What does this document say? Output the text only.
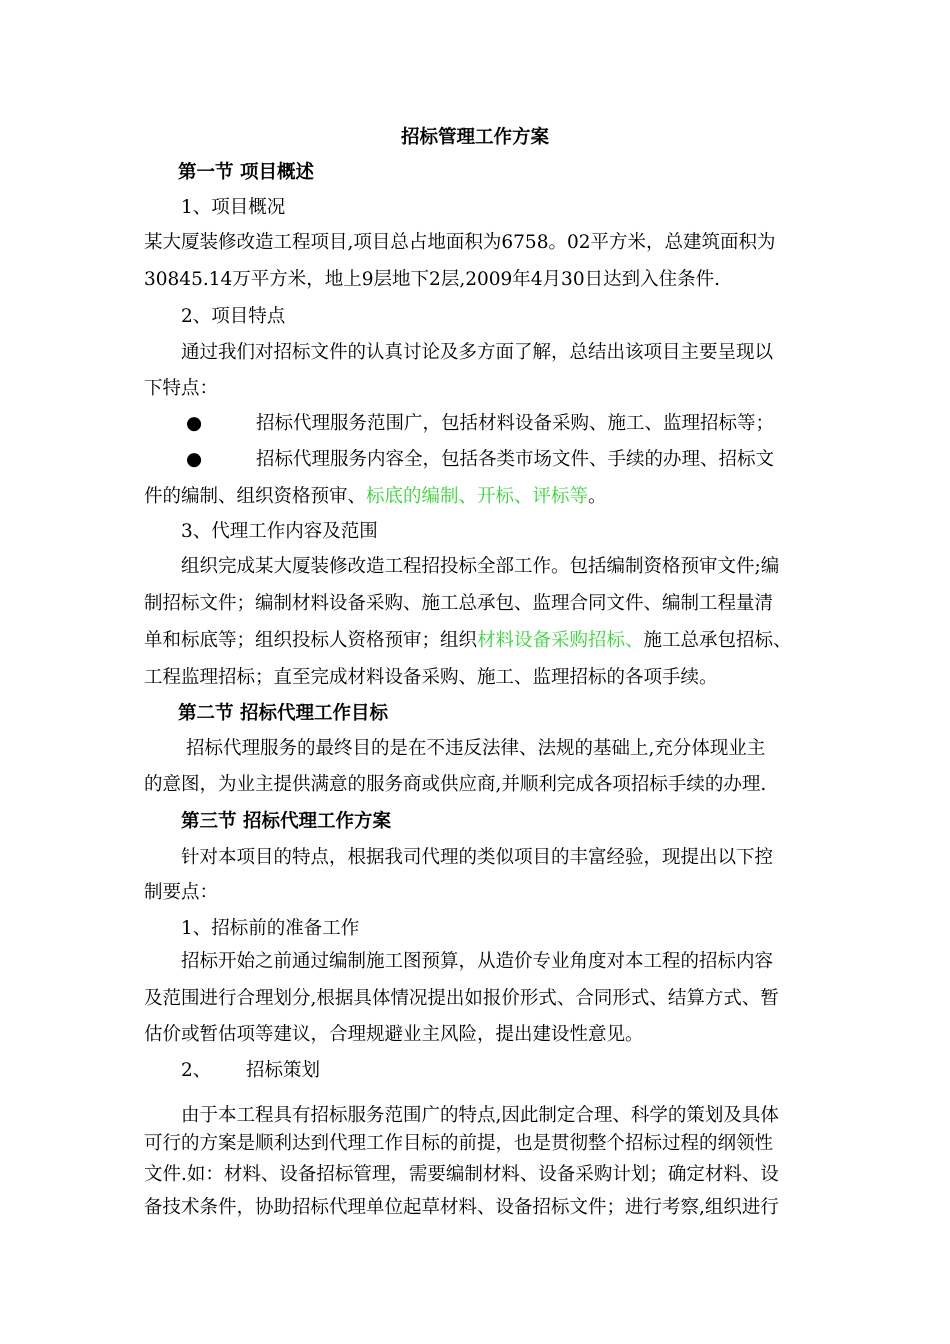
招标管理工作方案
第一节 项目概述
1、项目概况
某大厦装修改造工程项目,项目总占地面积为6758。02平方米，总建筑面积为
30845.14万平方米，地上9层地下2层,2009年4月30日达到入住条件.
2、项目特点
通过我们对招标文件的认真讨论及多方面了解，总结出该项目主要呈现以
下特点：
●	招标代理服务范围广，包括材料设备采购、施工、监理招标等；
●	招标代理服务内容全，包括各类市场文件、手续的办理、招标文
件的编制、组织资格预审、标底的编制、开标、评标等。
3、代理工作内容及范围
组织完成某大厦装修改造工程招投标全部工作。包括编制资格预审文件;编
制招标文件；编制材料设备采购、施工总承包、监理合同文件、编制工程量清
单和标底等；组织投标人资格预审；组织材料设备采购招标、施工总承包招标、
工程监理招标；直至完成材料设备采购、施工、监理招标的各项手续。
第二节 招标代理工作目标
招标代理服务的最终目的是在不违反法律、法规的基础上,充分体现业主
的意图，为业主提供满意的服务商或供应商,并顺利完成各项招标手续的办理.
第三节 招标代理工作方案
针对本项目的特点，根据我司代理的类似项目的丰富经验，现提出以下控
制要点：
1、招标前的准备工作
招标开始之前通过编制施工图预算，从造价专业角度对本工程的招标内容
及范围进行合理划分,根据具体情况提出如报价形式、合同形式、结算方式、暂
估价或暂估项等建议，合理规避业主风险，提出建设性意见。
2、 招标策划
由于本工程具有招标服务范围广的特点,因此制定合理、科学的策划及具体
可行的方案是顺利达到代理工作目标的前提，也是贯彻整个招标过程的纲领性
文件.如：材料、设备招标管理，需要编制材料、设备采购计划；确定材料、设
备技术条件，协助招标代理单位起草材料、设备招标文件；进行考察,组织进行
